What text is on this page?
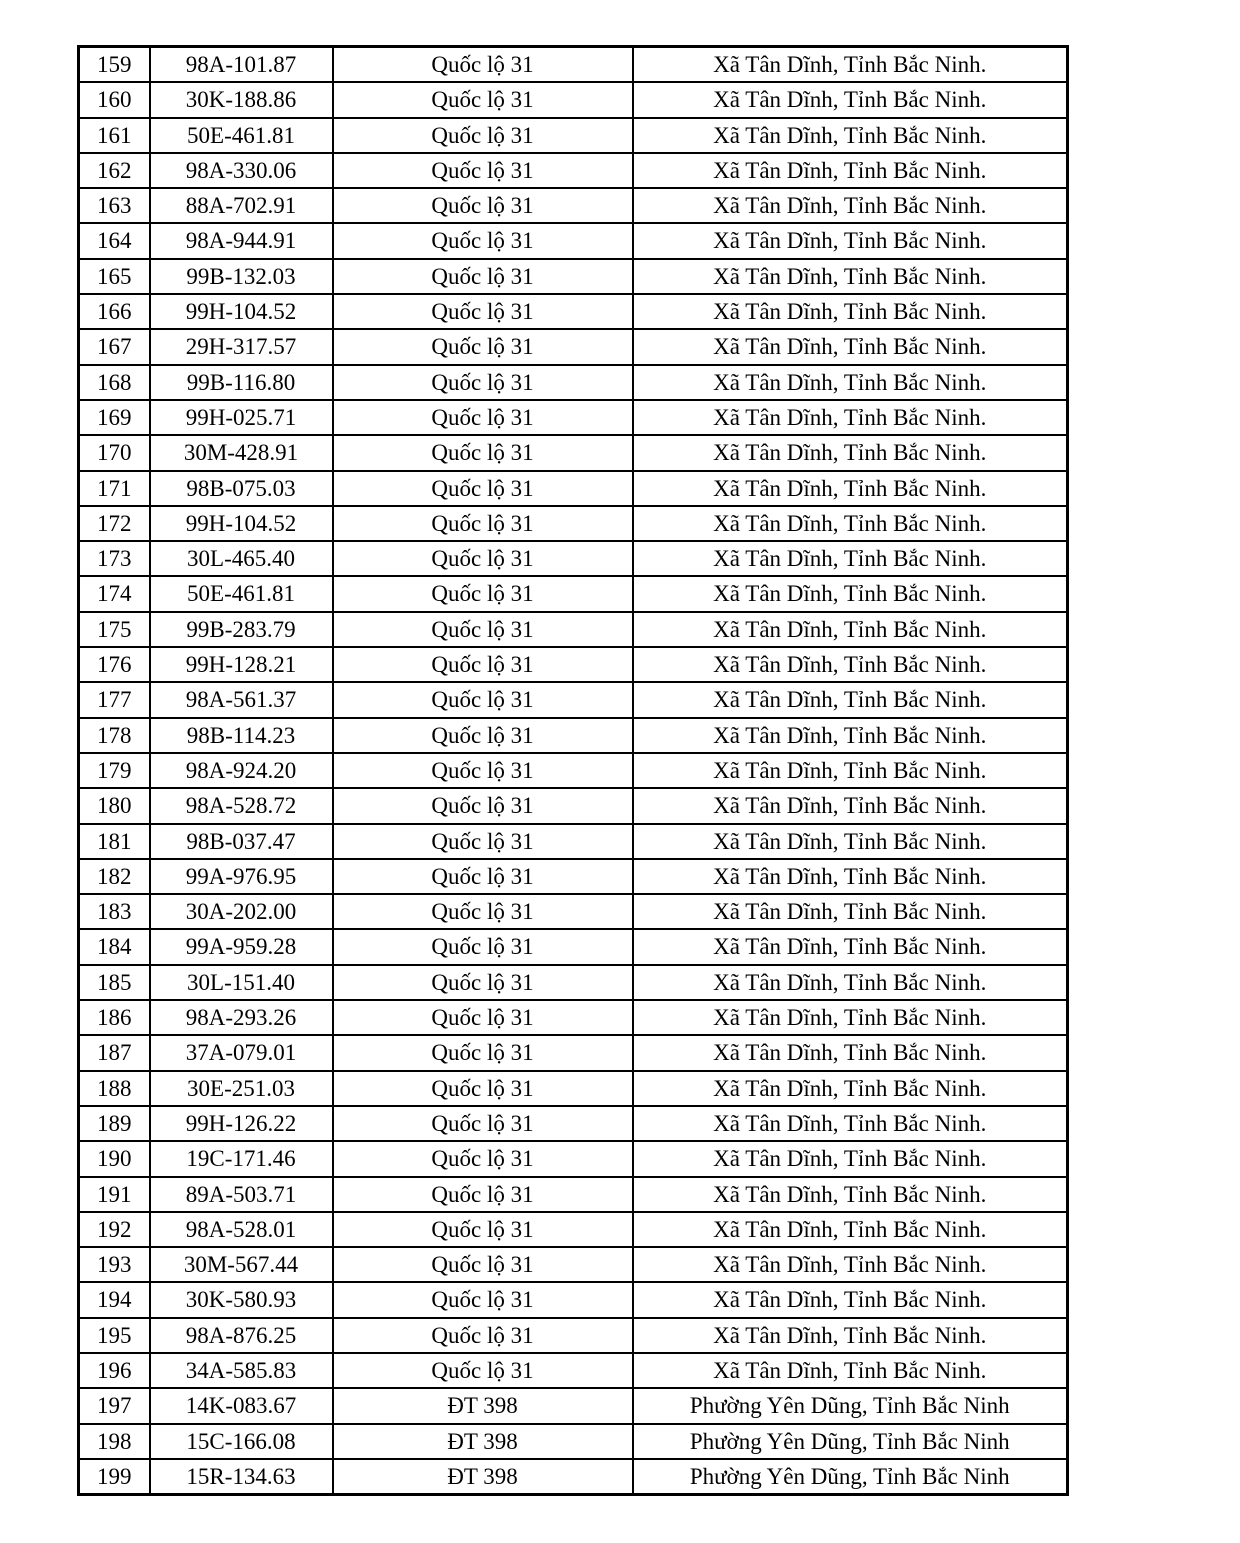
159	98A-101.87	Quốc lộ 31	Xã Tân Dĩnh, Tỉnh Bắc Ninh.
160	30K-188.86	Quốc lộ 31	Xã Tân Dĩnh, Tỉnh Bắc Ninh.
161	50E-461.81	Quốc lộ 31	Xã Tân Dĩnh, Tỉnh Bắc Ninh.
162	98A-330.06	Quốc lộ 31	Xã Tân Dĩnh, Tỉnh Bắc Ninh.
163	88A-702.91	Quốc lộ 31	Xã Tân Dĩnh, Tỉnh Bắc Ninh.
164	98A-944.91	Quốc lộ 31	Xã Tân Dĩnh, Tỉnh Bắc Ninh.
165	99B-132.03	Quốc lộ 31	Xã Tân Dĩnh, Tỉnh Bắc Ninh.
166	99H-104.52	Quốc lộ 31	Xã Tân Dĩnh, Tỉnh Bắc Ninh.
167	29H-317.57	Quốc lộ 31	Xã Tân Dĩnh, Tỉnh Bắc Ninh.
168	99B-116.80	Quốc lộ 31	Xã Tân Dĩnh, Tỉnh Bắc Ninh.
169	99H-025.71	Quốc lộ 31	Xã Tân Dĩnh, Tỉnh Bắc Ninh.
170	30M-428.91	Quốc lộ 31	Xã Tân Dĩnh, Tỉnh Bắc Ninh.
171	98B-075.03	Quốc lộ 31	Xã Tân Dĩnh, Tỉnh Bắc Ninh.
172	99H-104.52	Quốc lộ 31	Xã Tân Dĩnh, Tỉnh Bắc Ninh.
173	30L-465.40	Quốc lộ 31	Xã Tân Dĩnh, Tỉnh Bắc Ninh.
174	50E-461.81	Quốc lộ 31	Xã Tân Dĩnh, Tỉnh Bắc Ninh.
175	99B-283.79	Quốc lộ 31	Xã Tân Dĩnh, Tỉnh Bắc Ninh.
176	99H-128.21	Quốc lộ 31	Xã Tân Dĩnh, Tỉnh Bắc Ninh.
177	98A-561.37	Quốc lộ 31	Xã Tân Dĩnh, Tỉnh Bắc Ninh.
178	98B-114.23	Quốc lộ 31	Xã Tân Dĩnh, Tỉnh Bắc Ninh.
179	98A-924.20	Quốc lộ 31	Xã Tân Dĩnh, Tỉnh Bắc Ninh.
180	98A-528.72	Quốc lộ 31	Xã Tân Dĩnh, Tỉnh Bắc Ninh.
181	98B-037.47	Quốc lộ 31	Xã Tân Dĩnh, Tỉnh Bắc Ninh.
182	99A-976.95	Quốc lộ 31	Xã Tân Dĩnh, Tỉnh Bắc Ninh.
183	30A-202.00	Quốc lộ 31	Xã Tân Dĩnh, Tỉnh Bắc Ninh.
184	99A-959.28	Quốc lộ 31	Xã Tân Dĩnh, Tỉnh Bắc Ninh.
185	30L-151.40	Quốc lộ 31	Xã Tân Dĩnh, Tỉnh Bắc Ninh.
186	98A-293.26	Quốc lộ 31	Xã Tân Dĩnh, Tỉnh Bắc Ninh.
187	37A-079.01	Quốc lộ 31	Xã Tân Dĩnh, Tỉnh Bắc Ninh.
188	30E-251.03	Quốc lộ 31	Xã Tân Dĩnh, Tỉnh Bắc Ninh.
189	99H-126.22	Quốc lộ 31	Xã Tân Dĩnh, Tỉnh Bắc Ninh.
190	19C-171.46	Quốc lộ 31	Xã Tân Dĩnh, Tỉnh Bắc Ninh.
191	89A-503.71	Quốc lộ 31	Xã Tân Dĩnh, Tỉnh Bắc Ninh.
192	98A-528.01	Quốc lộ 31	Xã Tân Dĩnh, Tỉnh Bắc Ninh.
193	30M-567.44	Quốc lộ 31	Xã Tân Dĩnh, Tỉnh Bắc Ninh.
194	30K-580.93	Quốc lộ 31	Xã Tân Dĩnh, Tỉnh Bắc Ninh.
195	98A-876.25	Quốc lộ 31	Xã Tân Dĩnh, Tỉnh Bắc Ninh.
196	34A-585.83	Quốc lộ 31	Xã Tân Dĩnh, Tỉnh Bắc Ninh.
197	14K-083.67	ĐT 398	Phường Yên Dũng, Tỉnh Bắc Ninh
198	15C-166.08	ĐT 398	Phường Yên Dũng, Tỉnh Bắc Ninh
199	15R-134.63	ĐT 398	Phường Yên Dũng, Tỉnh Bắc Ninh
